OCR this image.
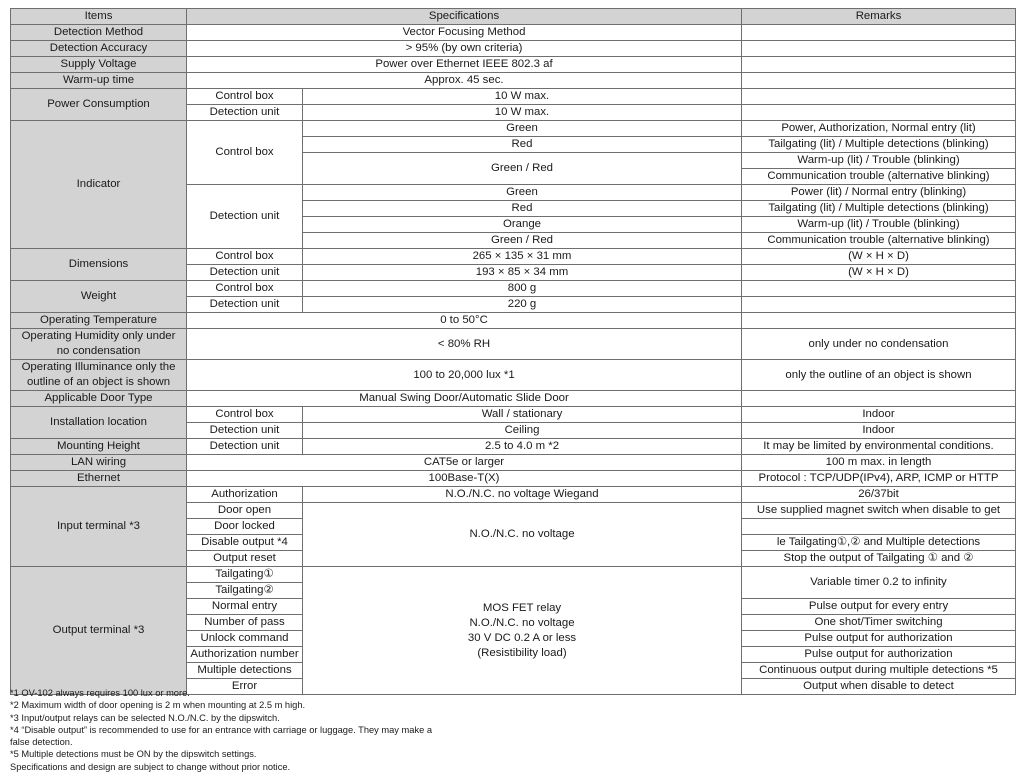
Items	Specifications		Remarks
Detection Method	Vector Focusing Method		
Detection Accuracy	> 95% (by own criteria)		
Supply Voltage	Power over Ethernet IEEE 802.3 af		
Warm-up time	Approx. 45 sec.		
Power Consumption	Control box	10 W max.	
	Detection unit	10 W max.	
Indicator	Control box	Green	Power, Authorization, Normal entry (lit)
		Red	Tailgating (lit) / Multiple detections (blinking)
		Green / Red	Warm-up (lit) / Trouble (blinking)
			Communication trouble (alternative blinking)
	Detection unit	Green	Power (lit) / Normal entry (blinking)
		Red	Tailgating (lit) / Multiple detections (blinking)
		Orange	Warm-up (lit) / Trouble (blinking)
		Green / Red	Communication trouble (alternative blinking)
Dimensions	Control box	265 × 135 × 31 mm	(W × H × D)
	Detection unit	193 × 85 × 34 mm	(W × H × D)
Weight	Control box	800 g	
	Detection unit	220 g	
Operating Temperature	0 to 50°C		

Operating Humidity only under
no condensation	< 80% RH		only under no condensation

Operating Illuminance only the
outline of an object is shown	100 to 20,000 lux *1		only the outline of an object is shown
Applicable Door Type	Manual Swing Door/Automatic Slide Door		
Installation location	Control box	Wall / stationary	Indoor
	Detection unit	Ceiling	Indoor
Mounting Height	Detection unit	2.5 to 4.0 m *2	It may be limited by environmental conditions.
LAN wiring	CAT5e or larger		100 m max. in length
Ethernet	100Base-T(X)		Protocol : TCP/UDP(IPv4), ARP, ICMP or HTTP
Input terminal *3	Authorization	N.O./N.C. no voltage Wiegand	26/37bit
	Door open	N.O./N.C. no voltage	Use supplied magnet switch when disable to get
	Door locked		
	Disable output *4		le Tailgating①,② and Multiple detections
	Output reset		Stop the output of Tailgating ① and ②
Output terminal *3	Tailgating①	MOS FET relay
N.O./N.C. no voltage
30 V DC 0.2 A or less
(Resistibility load)	Variable timer 0.2 to infinity
	Tailgating②		
	Normal entry		Pulse output for every entry
	Number of pass		One shot/Timer switching
	Unlock command		Pulse output for authorization
	Authorization number		Pulse output for authorization
	Multiple detections		Continuous output during multiple detections *5
	Error		Output when disable to detect
*1 OV-102 always requires 100 lux or more.
*2 Maximum width of door opening is 2 m when mounting at 2.5 m high.
*3 Input/output relays can be selected N.O./N.C. by the dipswitch.
*4 “Disable output” is recommended to use for an entrance with carriage or luggage. They may make a
false detection.
*5 Multiple detections must be ON by the dipswitch settings.
Specifications and design are subject to change without prior notice.
